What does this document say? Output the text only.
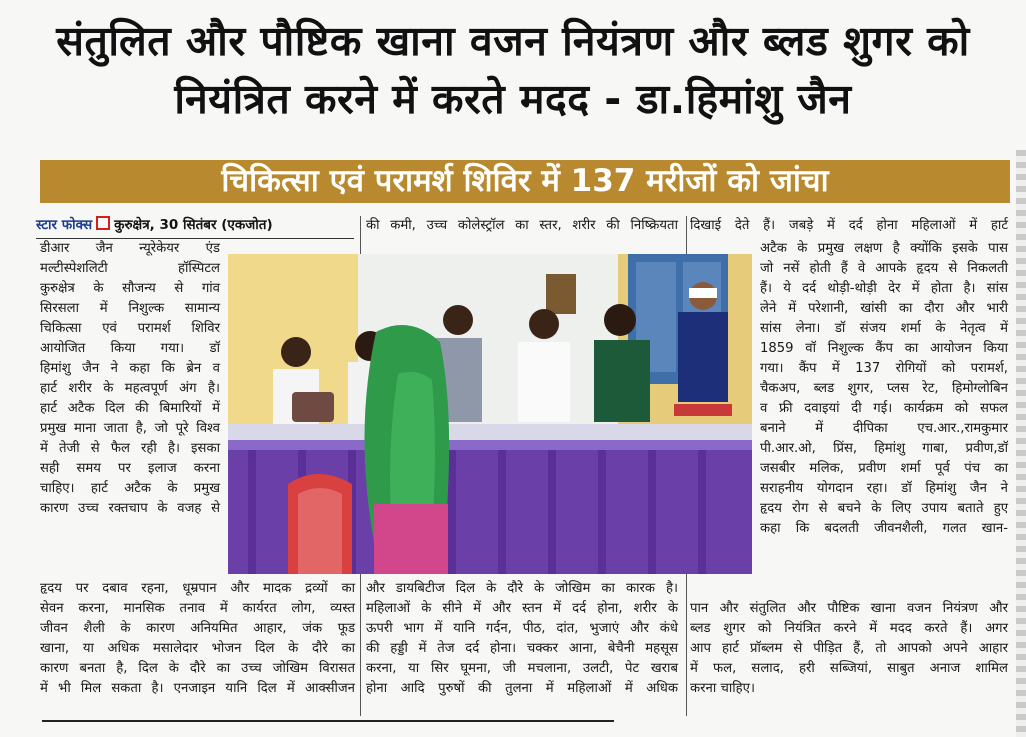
संतुलित और पौष्टिक खाना वजन नियंत्रण और ब्लड शुगर को
नियंत्रित करने में करते मदद - डा.हिमांशु जैन
चिकित्सा एवं परामर्श शिविर में 137 मरीजों को जांचा
स्टार फोक्स कुरुक्षेत्र, 30 सितंबर (एकजोत)

डीआर जैन न्यूरेकेयर एंड

मल्टीस्पेशलिटी हॉस्पिटल

कुरुक्षेत्र के सौजन्य से गांव

सिरसला में निशुल्क सामान्य

चिकित्सा एवं परामर्श शिविर

आयोजित किया गया। डॉ

हिमांशु जैन ने कहा कि ब्रेन व

हार्ट शरीर के महत्वपूर्ण अंग है।

हार्ट अटैक दिल की बिमारियों में

प्रमुख माना जाता है, जो पूरे विश्व

में तेजी से फैल रही है। इसका

सही समय पर इलाज करना

चाहिए। हार्ट अटैक के प्रमुख

कारण उच्च रक्तचाप के वजह से

हृदय पर दबाव रहना, धूम्रपान और मादक द्रव्यों का

सेवन करना, मानसिक तनाव में कार्यरत लोग, व्यस्त

जीवन शैली के कारण अनियमित आहार, जंक फूड

खाना, या अधिक मसालेदार भोजन दिल के दौरे का

कारण बनता है, दिल के दौरे का उच्च जोखिम विरासत

में भी मिल सकता है। एनजाइन यानि दिल में आक्सीजन

की कमी, उच्च कोलेस्ट्रॉल का स्तर, शरीर की निष्क्रियता

और डायबिटीज दिल के दौरे के जोखिम का कारक है।

महिलाओं के सीने में और स्तन में दर्द होना, शरीर के

ऊपरी भाग में यानि गर्दन, पीठ, दांत, भुजाएं और कंधे

की हड्डी में तेज दर्द होना। चक्कर आना, बेचैनी महसूस

करना, या सिर घूमना, जी मचलाना, उलटी, पेट खराब

होना आदि पुरुषों की तुलना में महिलाओं में अधिक

दिखाई देते हैं। जबड़े में दर्द होना महिलाओं में हार्ट

अटैक के प्रमुख लक्षण है क्योंकि इसके पास

जो नसें होती हैं वे आपके हृदय से निकलती

हैं। ये दर्द थोड़ी-थोड़ी देर में होता है। सांस

लेने में परेशानी, खांसी का दौरा और भारी

सांस लेना। डॉ संजय शर्मा के नेतृत्व में

1859 वॉ निशुल्क कैंप का आयोजन किया

गया। कैंप में 137 रोगियों को परामर्श,

चैकअप, ब्लड शुगर, प्लस रेट, हिमोग्लोबिन

व फ्री दवाइयां दी गई। कार्यक्रम को सफल

बनाने में दीपिका एच.आर.,रामकुमार

पी.आर.ओ, प्रिंस, हिमांशु गाबा, प्रवीण,डॉ

जसबीर मलिक, प्रवीण शर्मा पूर्व पंच का

सराहनीय योगदान रहा। डॉ हिमांशु जैन ने

हृदय रोग से बचने के लिए उपाय बताते हुए

कहा कि बदलती जीवनशैली, गलत खान-

पान और संतुलित और पौष्टिक खाना वजन नियंत्रण और

ब्लड शुगर को नियंत्रित करने में मदद करते हैं। अगर

आप हार्ट प्रॉब्लम से पीड़ित हैं, तो आपको अपने आहार

में फल, सलाद, हरी सब्जियां, साबुत अनाज शामिल

करना चाहिए।
